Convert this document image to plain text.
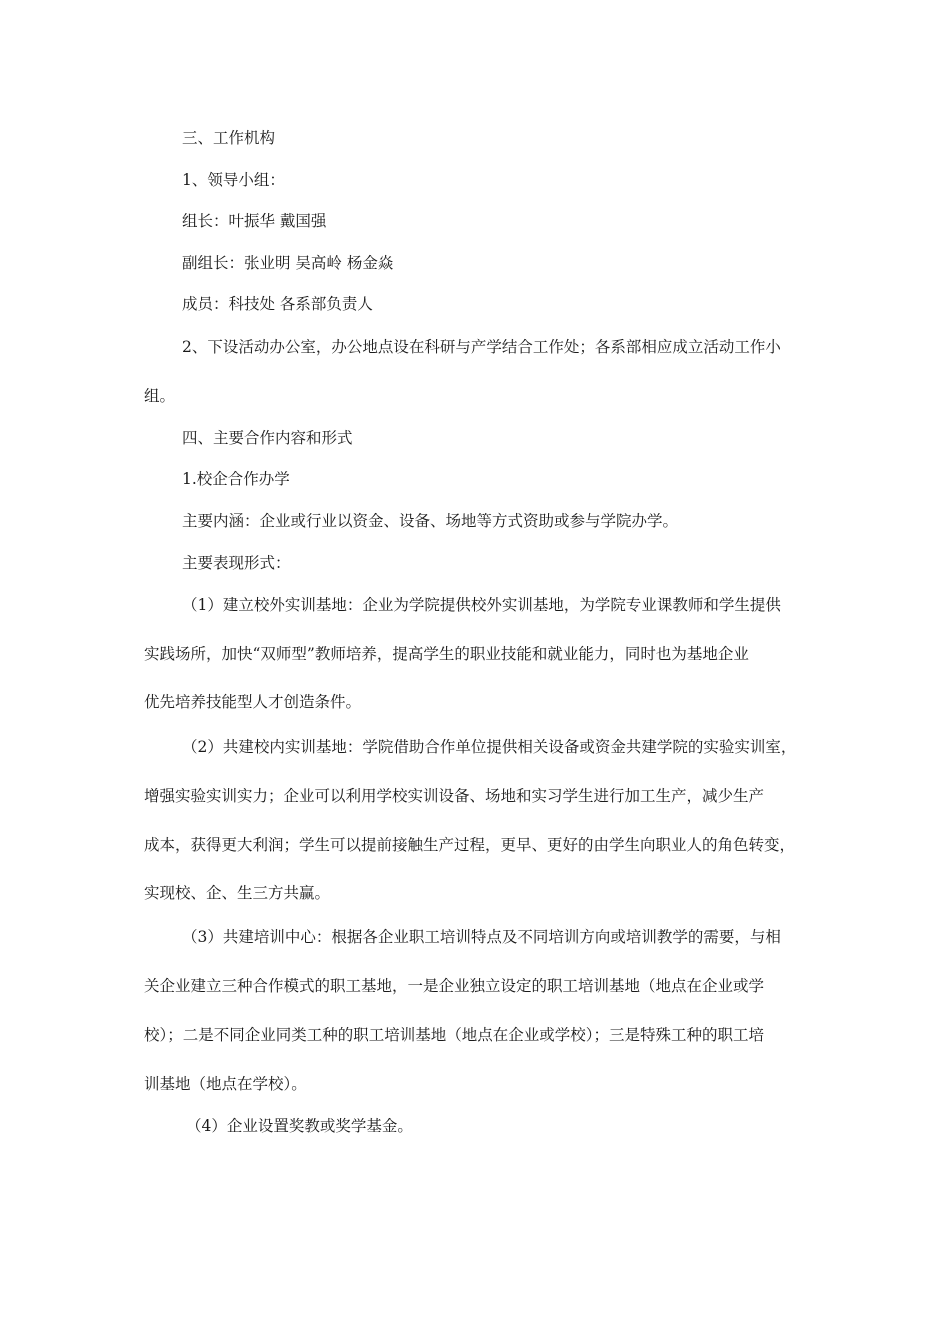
三、工作机构

1、领导小组：

组长：叶振华 戴国强

副组长：张业明 吴高岭 杨金焱

成员：科技处 各系部负责人

2、下设活动办公室，办公地点设在科研与产学结合工作处；各系部相应成立活动工作小

组。

四、主要合作内容和形式

1.校企合作办学

主要内涵：企业或行业以资金、设备、场地等方式资助或参与学院办学。

主要表现形式：

（1）建立校外实训基地：企业为学院提供校外实训基地，为学院专业课教师和学生提供

实践场所，加快“双师型”教师培养，提高学生的职业技能和就业能力，同时也为基地企业

优先培养技能型人才创造条件。

（2）共建校内实训基地：学院借助合作单位提供相关设备或资金共建学院的实验实训室，

增强实验实训实力；企业可以利用学校实训设备、场地和实习学生进行加工生产，减少生产

成本，获得更大利润；学生可以提前接触生产过程，更早、更好的由学生向职业人的角色转变，

实现校、企、生三方共赢。

（3）共建培训中心：根据各企业职工培训特点及不同培训方向或培训教学的需要，与相

关企业建立三种合作模式的职工基地，一是企业独立设定的职工培训基地（地点在企业或学

校）；二是不同企业同类工种的职工培训基地（地点在企业或学校）；三是特殊工种的职工培

训基地（地点在学校）。

（4）企业设置奖教或奖学基金。
